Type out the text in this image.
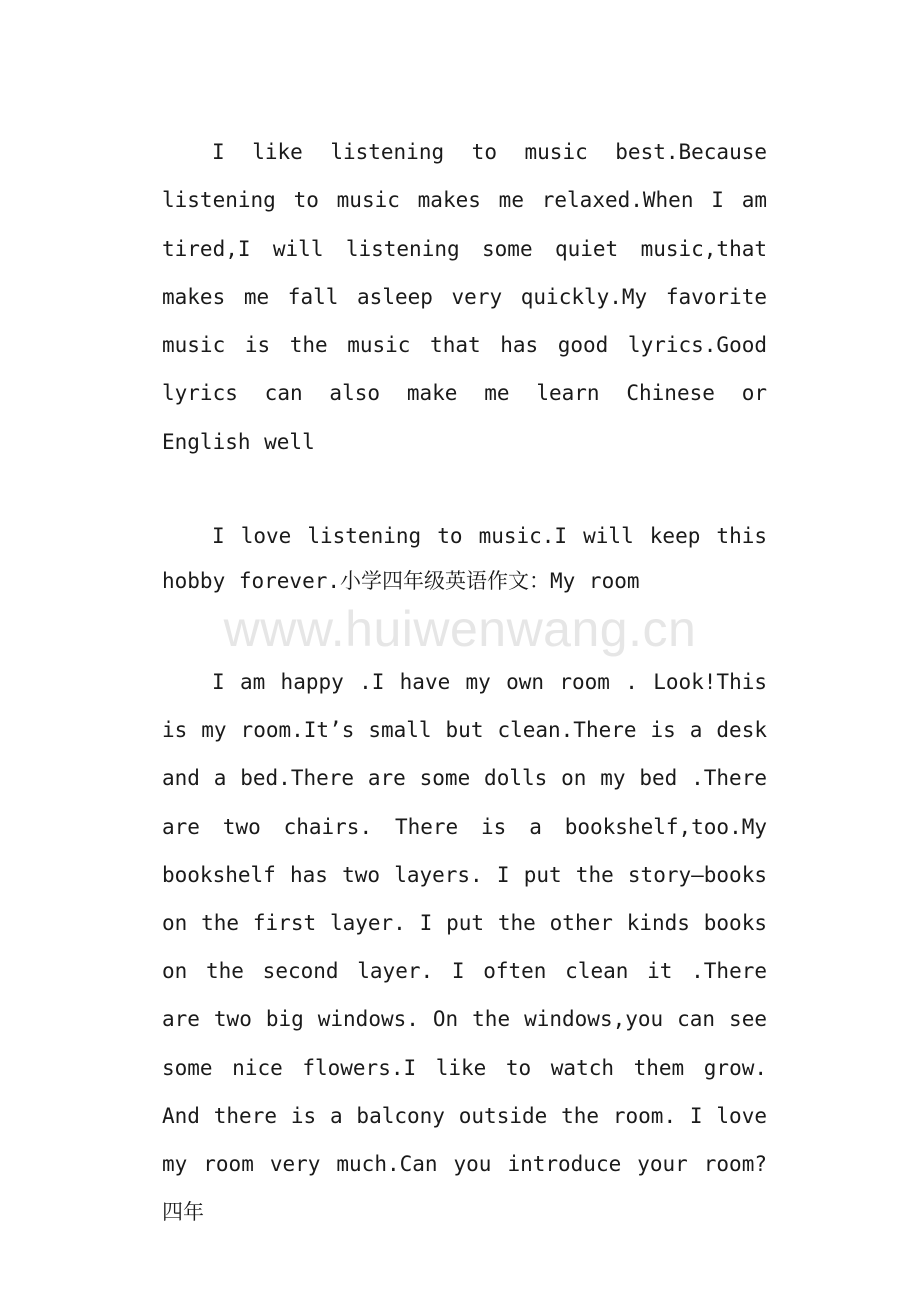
www.huiwenwang.cn

I like listening to music best.Because listening to music makes me relaxed.When I am tired,I will listening some quiet music,that makes me fall asleep very quickly.My favorite music is the music that has good lyrics.Good lyrics can also make me learn Chinese or English well

I love listening to music.I will keep this hobby forever.小学四年级英语作文：My room

I am happy .I have my own room . Look!This is my room.It’s small but clean.There is a desk and a bed.There are some dolls on my bed .There are two chairs. There is a bookshelf,too.My bookshelf has two layers. I put the story—books on the first layer. I put the other kinds books on the second layer. I often clean it .There are two big windows. On the windows,you can see some nice flowers.I like to watch them grow. And there is a balcony outside the room. I love my room very much.Can you introduce your room?四年
